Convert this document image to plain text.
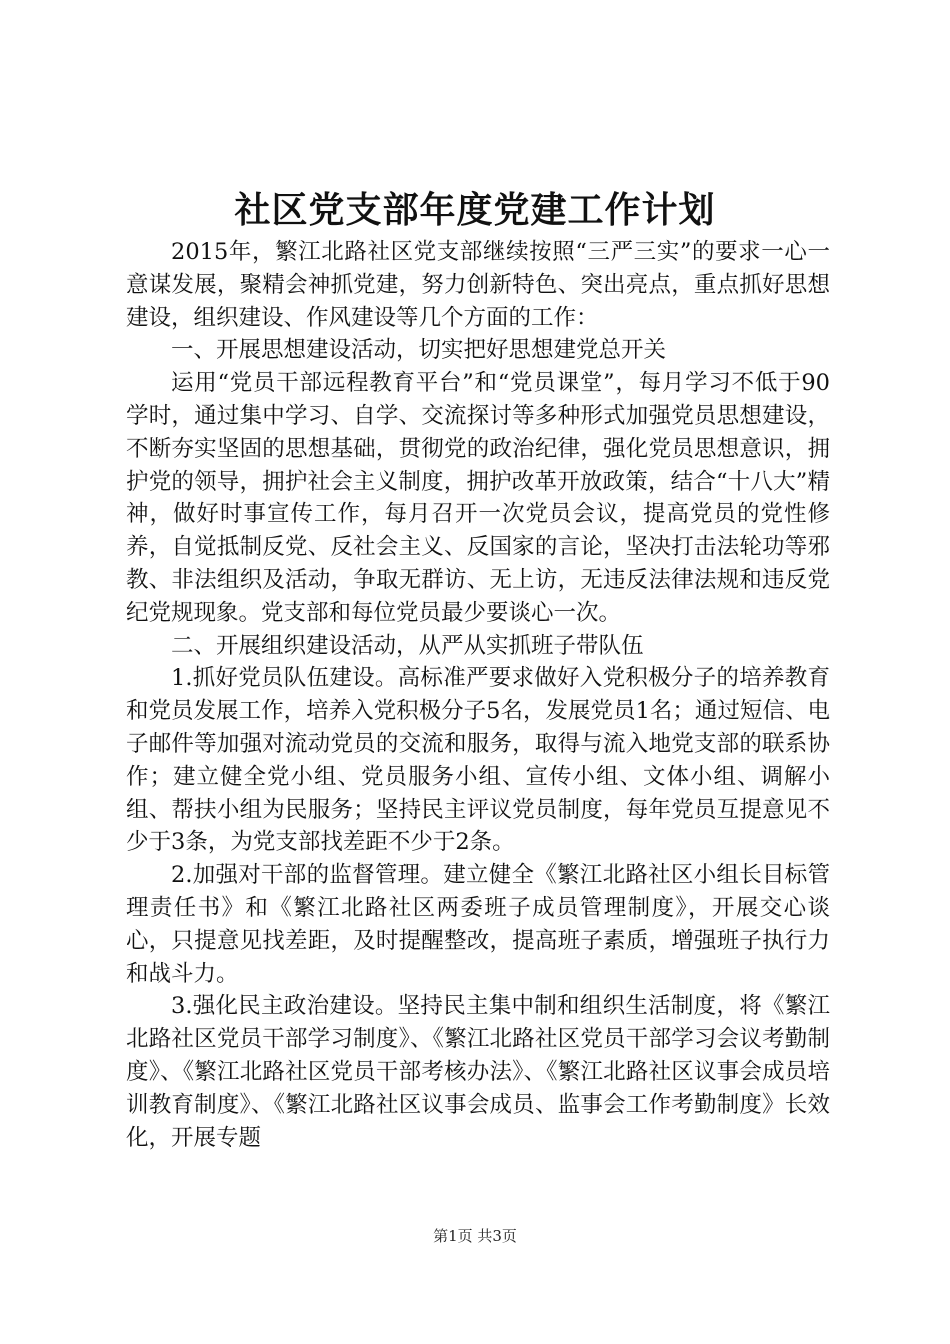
社区党支部年度党建工作计划

2015年，繁江北路社区党支部继续按照“三严三实”的要求一心一意谋发展，聚精会神抓党建，努力创新特色、突出亮点，重点抓好思想建设，组织建设、作风建设等几个方面的工作：

一、开展思想建设活动，切实把好思想建党总开关

运用“党员干部远程教育平台”和“党员课堂”，每月学习不低于90学时，通过集中学习、自学、交流探讨等多种形式加强党员思想建设，不断夯实坚固的思想基础，贯彻党的政治纪律，强化党员思想意识，拥护党的领导，拥护社会主义制度，拥护改革开放政策，结合“十八大”精神，做好时事宣传工作，每月召开一次党员会议，提高党员的党性修养，自觉抵制反党、反社会主义、反国家的言论，坚决打击法轮功等邪教、非法组织及活动，争取无群访、无上访，无违反法律法规和违反党纪党规现象。党支部和每位党员最少要谈心一次。

二、开展组织建设活动，从严从实抓班子带队伍

1.抓好党员队伍建设。高标准严要求做好入党积极分子的培养教育和党员发展工作，培养入党积极分子5名，发展党员1名；通过短信、电子邮件等加强对流动党员的交流和服务，取得与流入地党支部的联系协作；建立健全党小组、党员服务小组、宣传小组、文体小组、调解小组、帮扶小组为民服务；坚持民主评议党员制度，每年党员互提意见不少于3条，为党支部找差距不少于2条。

2.加强对干部的监督管理。建立健全《繁江北路社区小组长目标管理责任书》和《繁江北路社区两委班子成员管理制度》，开展交心谈心，只提意见找差距，及时提醒整改，提高班子素质，增强班子执行力和战斗力。

3.强化民主政治建设。坚持民主集中制和组织生活制度，将《繁江北路社区党员干部学习制度》、《繁江北路社区党员干部学习会议考勤制度》、《繁江北路社区党员干部考核办法》、《繁江北路社区议事会成员培训教育制度》、《繁江北路社区议事会成员、监事会工作考勤制度》长效化，开展专题

第1页 共3页
